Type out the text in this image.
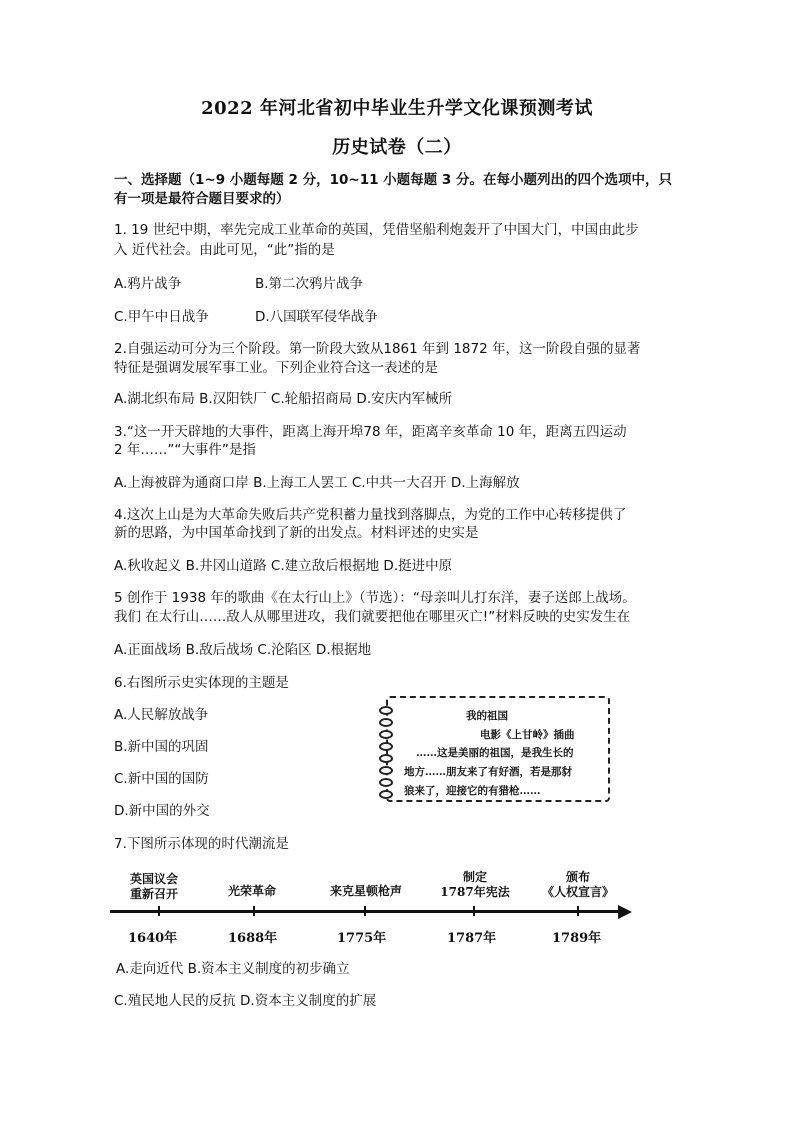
2022 年河北省初中毕业生升学文化课预测考试
历史试卷（二）
一、选择题（1~9 小题每题 2 分，10~11 小题每题 3 分。在每小题列出的四个选项中，只
有一项是最符合题目要求的）
1. 19 世纪中期，率先完成工业革命的英国，凭借坚船利炮轰开了中国大门，中国由此步
入 近代社会。由此可见，“此”指的是
A.鸦片战争	B.第二次鸦片战争
C.甲午中日战争	D.八国联军侵华战争
2.自强运动可分为三个阶段。第一阶段大致从1861 年到 1872 年，这一阶段自强的显著
特征是强调发展军事工业。下列企业符合这一表述的是
A.湖北织布局 B.汉阳铁厂 C.轮船招商局 D.安庆内军械所
3.“这一开天辟地的大事件，距离上海开埠78 年，距离辛亥革命 10 年，距离五四运动
2 年……”“大事件”是指
A.上海被辟为通商口岸 B.上海工人罢工 C.中共一大召开 D.上海解放
4.这次上山是为大革命失败后共产党积蓄力量找到落脚点，为党的工作中心转移提供了
新的思路，为中国革命找到了新的出发点。材料评述的史实是
A.秋收起义 B.井冈山道路 C.建立敌后根据地 D.挺进中原
5 创作于 1938 年的歌曲《在太行山上》（节选）：“母亲叫儿打东洋，妻子送郎上战场。
我们 在太行山……敌人从哪里进攻，我们就要把他在哪里灭亡!”材料反映的史实发生在
A.正面战场 B.敌后战场 C.沦陷区 D.根据地
6.右图所示史实体现的主题是
A.人民解放战争
B.新中国的巩固
C.新中国的国防
D.新中国的外交
我的祖国
电影《上甘岭》插曲
……这是美丽的祖国，是我生长的
地方……朋友来了有好酒，若是那豺
狼来了，迎接它的有猎枪……
7.下图所示体现的时代潮流是
英国议会
重新召开
1640年
光荣革命
1688年
来克星顿枪声
1775年
制定
1787年宪法
1787年
颁布
《人权宣言》
1789年
A.走向近代 B.资本主义制度的初步确立
C.殖民地人民的反抗 D.资本主义制度的扩展
